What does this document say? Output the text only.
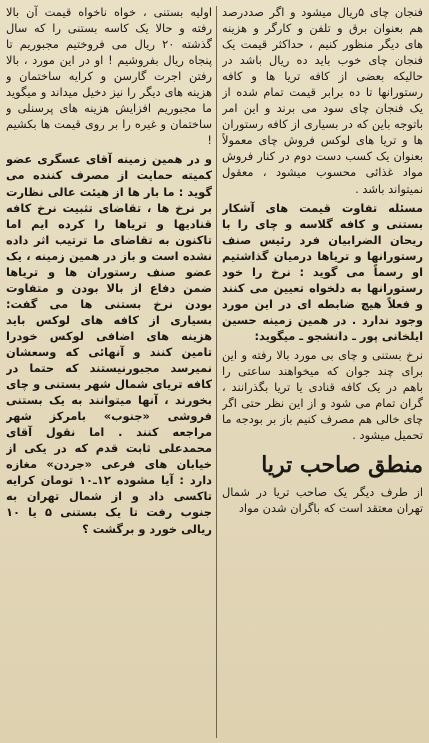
فنجان چای ۵ریال میشود و اگر صددرصد هم بعنوان برق و تلفن و کارگر و هزینه های دیگر منظور کنیم ، حداکثر قیمت یک فنجان چای خوب باید ده ریال باشد در حالیکه بعضی از کافه تریا ها و کافه رستورانها تا ده برابر قیمت تمام شده از یک فنجان چای سود می برند و این امر باتوجه باین که در بسیاری از کافه رستوران ها و تریا های لوکس فروش چای معمولاً بعنوان یک کسب دست دوم در کنار فروش مواد غذائی محسوب میشود ، معقول نمیتواند باشد .

مسئله تفاوت قیمت های آشکار بستنی و کافه گلاسه و چای را با ریحان الضرابیان فرد رئیس صنف رستورانها و تریاها درمیان گذاشتیم او رسماً می گوید : نرخ را خود رستورانها به دلخواه تعیین می کنند و فعلاً هیچ ضابطه ای در این مورد وجود ندارد . در همین زمینه حسین ایلخانی پور ـ دانشجو ـ میگوید:

نرخ بستنی و چای بی مورد بالا رفته و این برای چند جوان که میخواهند ساعتی را باهم در یک کافه قنادی یا تریا بگذرانند ، گران تمام می شود و از این نظر حتی اگر چای خالی هم مصرف کنیم باز بر بودجه ما تحمیل میشود .

منطق صاحب تریا

از طرف دیگر یک صاحب تریا در شمال تهران معتقد است که باگران شدن مواد

اولیه بستنی ، خواه ناخواه قیمت آن بالا رفته و حالا یک کاسه بستنی را که سال گذشته ۲۰ ریال می فروختیم مجبوریم تا پنجاه ریال بفروشیم ! او در این مورد ، بالا رفتن اجرت گارسن و کرایه ساختمان و هزینه های دیگر را نیز دخیل میداند و میگوید ما مجبوریم افزایش هزینه های پرسنلی و ساختمان و غیره را بر روی قیمت ها بکشیم !

و در همین زمینه آقای عسگری عضو کمیته حمایت از مصرف کننده می گوید : ما بار ها از هیئت عالی نظارت بر نرخ ها ، تقاضای تثبیت نرخ کافه قنادیها و تریاها را کرده ایم اما تاکنون به تقاضای ما ترتیب اثر داده نشده است و باز در همین زمینه ، یک عضو صنف رستوران ها و تریاها ضمن دفاع از بالا بودن و متفاوت بودن نرخ بستنی ها می گفت: بسیاری از کافه های لوکس باید هزینه های اضافی لوکس خودرا تامین کنند و آنهائی که وسعشان نمیرسد مجبورنیستند که حتما در کافه تریای شمال شهر بستنی و چای بخورند ، آنها میتوانند به یک بستنی فروشی «جنوب» بامرکز شهر مراجعه کنند . اما نقول آقای محمدعلی ثابت قدم که در یکی از خیابان های فرعی «جردن» مغازه دارد : آیا مشوده ۱۲ـ۱۰ تومان کرایه تاکسی داد و از شمال تهران به جنوب رفت تا یک بستنی ۵ یا ۱۰ ریالی خورد و برگشت ؟
